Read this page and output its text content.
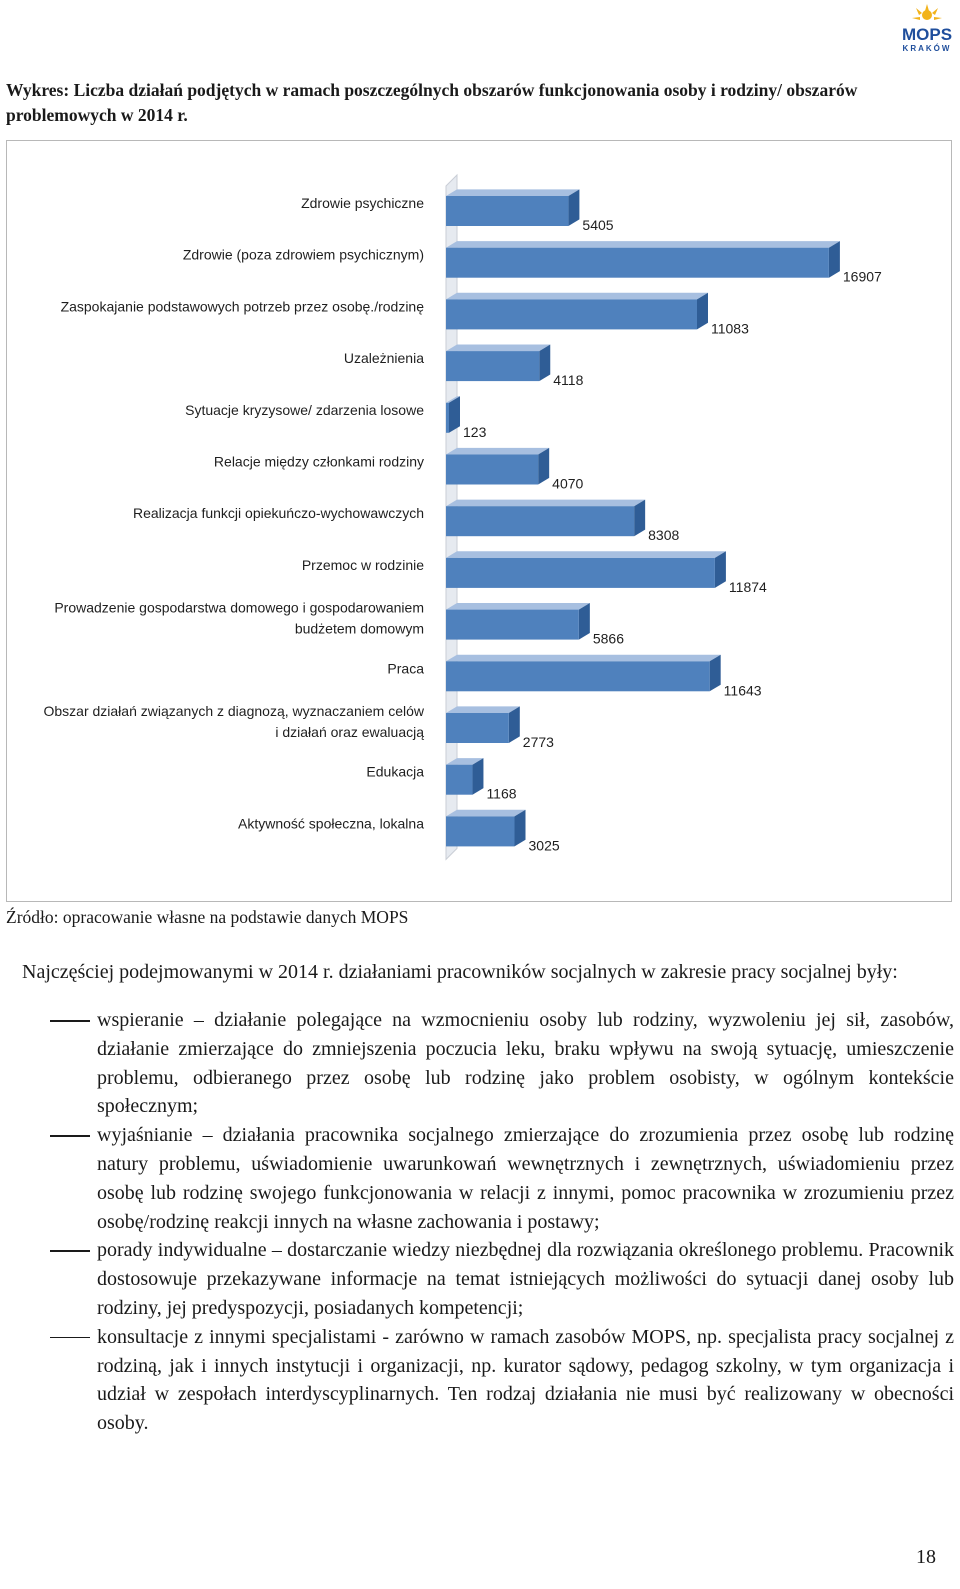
MOPS
KRAKÓW
Wykres: Liczba działań podjętych w ramach poszczególnych obszarów funkcjonowania osoby i rodziny/ obszarów problemowych w 2014 r.
5405
Zdrowie psychiczne
16907
Zdrowie (poza zdrowiem psychicznym)
11083
Zaspokajanie podstawowych potrzeb przez osobę./rodzinę
4118
Uzależnienia
123
Sytuacje kryzysowe/ zdarzenia losowe
4070
Relacje między członkami rodziny
8308
Realizacja funkcji opiekuńczo-wychowawczych
11874
Przemoc w rodzinie
5866
Prowadzenie gospodarstwa domowego i gospodarowaniem
budżetem domowym
11643
Praca
2773
Obszar działań związanych z diagnozą, wyznaczaniem celów
i działań oraz ewaluacją
1168
Edukacja
3025
Aktywność społeczna, lokalna
Źródło: opracowanie własne na podstawie danych MOPS
Najczęściej podejmowanymi w 2014 r. działaniami pracowników socjalnych w zakresie pracy socjalnej były:
wspieranie – działanie polegające na wzmocnieniu osoby lub rodziny, wyzwoleniu jej sił, zasobów, działanie zmierzające do zmniejszenia poczucia leku, braku wpływu na swoją sytuację, umieszczenie problemu, odbieranego przez osobę lub rodzinę jako problem osobisty, w ogólnym kontekście społecznym;
wyjaśnianie – działania pracownika socjalnego zmierzające do zrozumienia przez osobę lub rodzinę natury problemu, uświadomienie uwarunkowań wewnętrznych i zewnętrznych, uświadomieniu przez osobę lub rodzinę swojego funkcjonowania w relacji z innymi, pomoc pracownika w zrozumieniu przez osobę/rodzinę reakcji innych na własne zachowania i postawy;
porady indywidualne – dostarczanie wiedzy niezbędnej dla rozwiązania określonego problemu. Pracownik dostosowuje przekazywane informacje na temat istniejących możliwości do sytuacji danej osoby lub rodziny, jej predyspozycji, posiadanych kompetencji;
konsultacje z innymi specjalistami - zarówno w ramach zasobów MOPS, np. specjalista pracy socjalnej z rodziną, jak i innych instytucji i organizacji, np. kurator sądowy, pedagog szkolny, w tym organizacja i udział w zespołach interdyscyplinarnych. Ten rodzaj działania nie musi być realizowany w obecności osoby.
18
